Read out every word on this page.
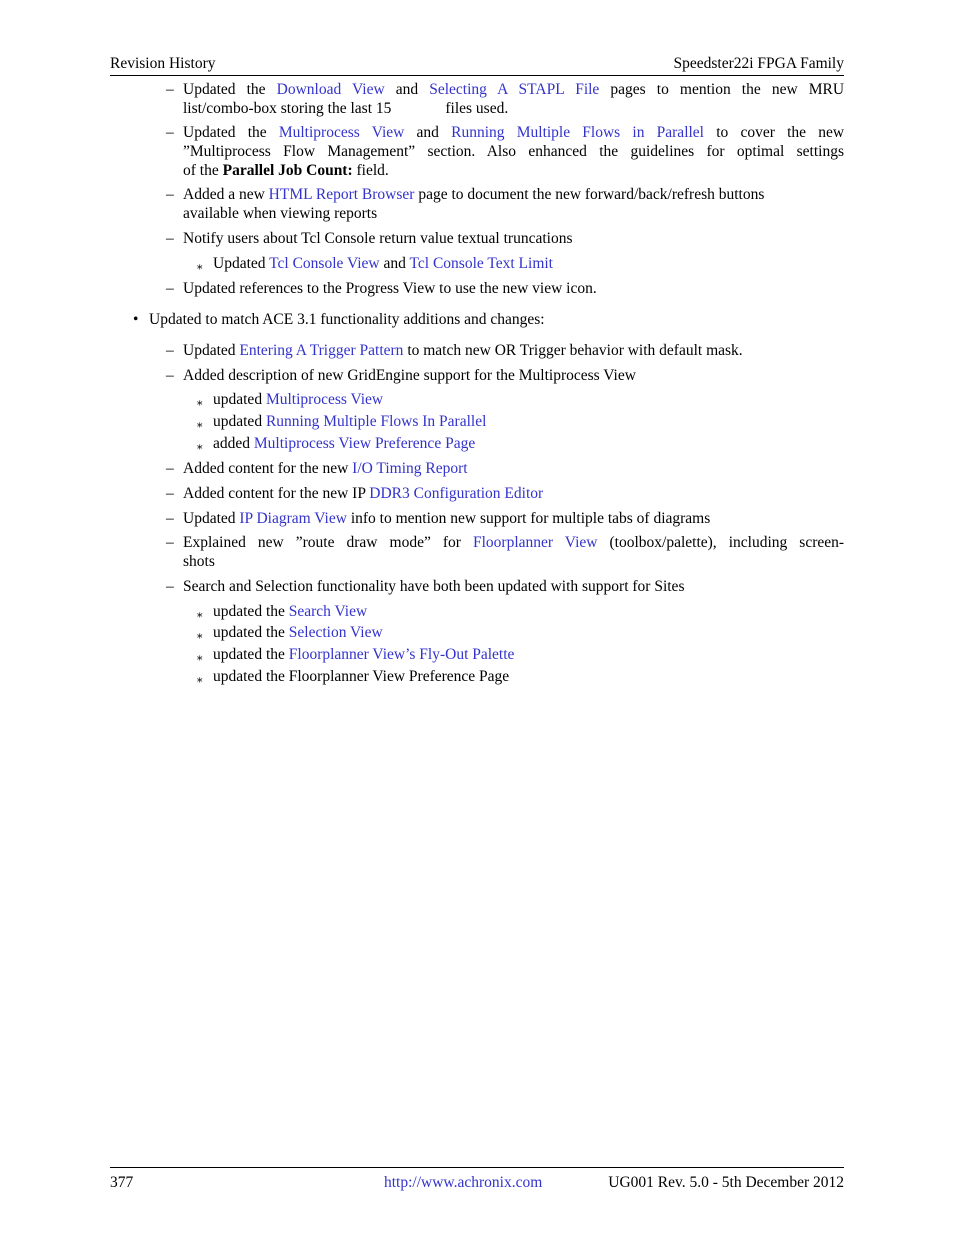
Revision History	Speedster22i FPGA Family
– Updated the Download View and Selecting A STAPL File pages to mention the new MRU
list/combo-box storing the last 15	files used.
– Updated the Multiprocess View and Running Multiple Flows in Parallel to cover the new
”Multiprocess Flow Management” section. Also enhanced the guidelines for optimal settings
of the Parallel Job Count: field.
– Added a new HTML Report Browser page to document the new forward/back/refresh buttons
available when viewing reports
– Notify users about Tcl Console return value textual truncations
⁎ Updated Tcl Console View and Tcl Console Text Limit
– Updated references to the Progress View to use the new view icon.
• Updated to match ACE 3.1 functionality additions and changes:
– Updated Entering A Trigger Pattern to match new OR Trigger behavior with default mask.
– Added description of new GridEngine support for the Multiprocess View
⁎ updated Multiprocess View
⁎ updated Running Multiple Flows In Parallel
⁎ added Multiprocess View Preference Page
– Added content for the new I/O Timing Report
– Added content for the new IP DDR3 Configuration Editor
– Updated IP Diagram View info to mention new support for multiple tabs of diagrams
– Explained new ”route draw mode” for Floorplanner View (toolbox/palette), including screen-
shots
– Search and Selection functionality have both been updated with support for Sites
⁎ updated the Search View
⁎ updated the Selection View
⁎ updated the Floorplanner View’s Fly-Out Palette
⁎ updated the Floorplanner View Preference Page
377	http://www.achronix.com	UG001 Rev. 5.0 - 5th December 2012
